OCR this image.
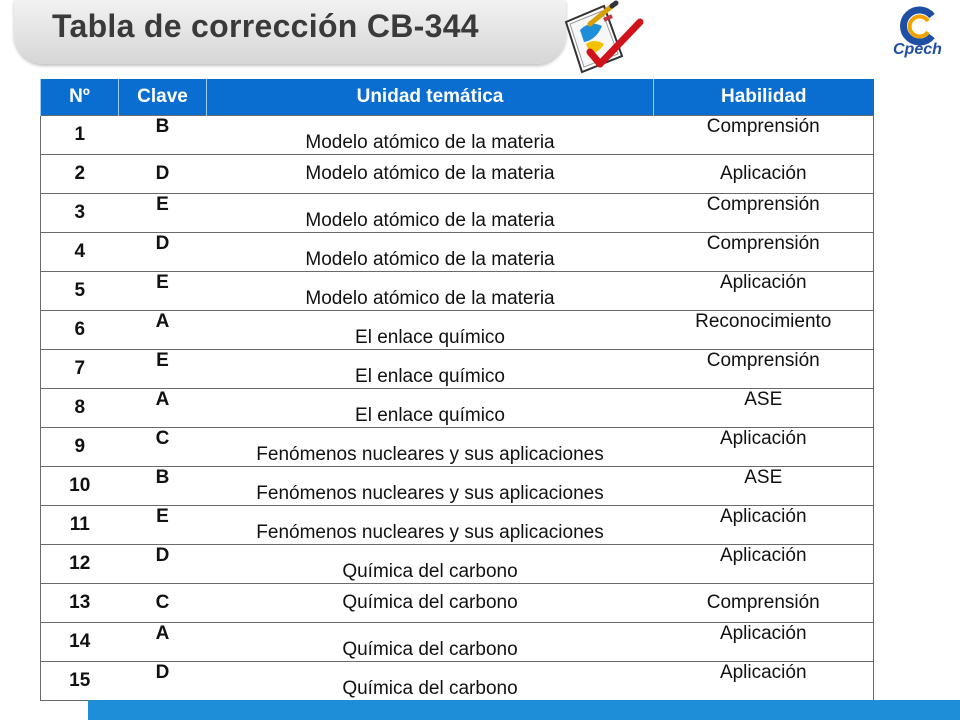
Tabla de corrección CB-344
Cpech
Nº	Clave	Unidad temática	Habilidad
1	B	Modelo atómico de la materia	Comprensión
2	D	Modelo atómico de la materia	Aplicación
3	E	Modelo atómico de la materia	Comprensión
4	D	Modelo atómico de la materia	Comprensión
5	E	Modelo atómico de la materia	Aplicación
6	A	El enlace químico	Reconocimiento
7	E	El enlace químico	Comprensión
8	A	El enlace químico	ASE
9	C	Fenómenos nucleares y sus aplicaciones	Aplicación
10	B	Fenómenos nucleares y sus aplicaciones	ASE
11	E	Fenómenos nucleares y sus aplicaciones	Aplicación
12	D	Química del carbono	Aplicación
13	C	Química del carbono	Comprensión
14	A	Química del carbono	Aplicación
15	D	Química del carbono	Aplicación
